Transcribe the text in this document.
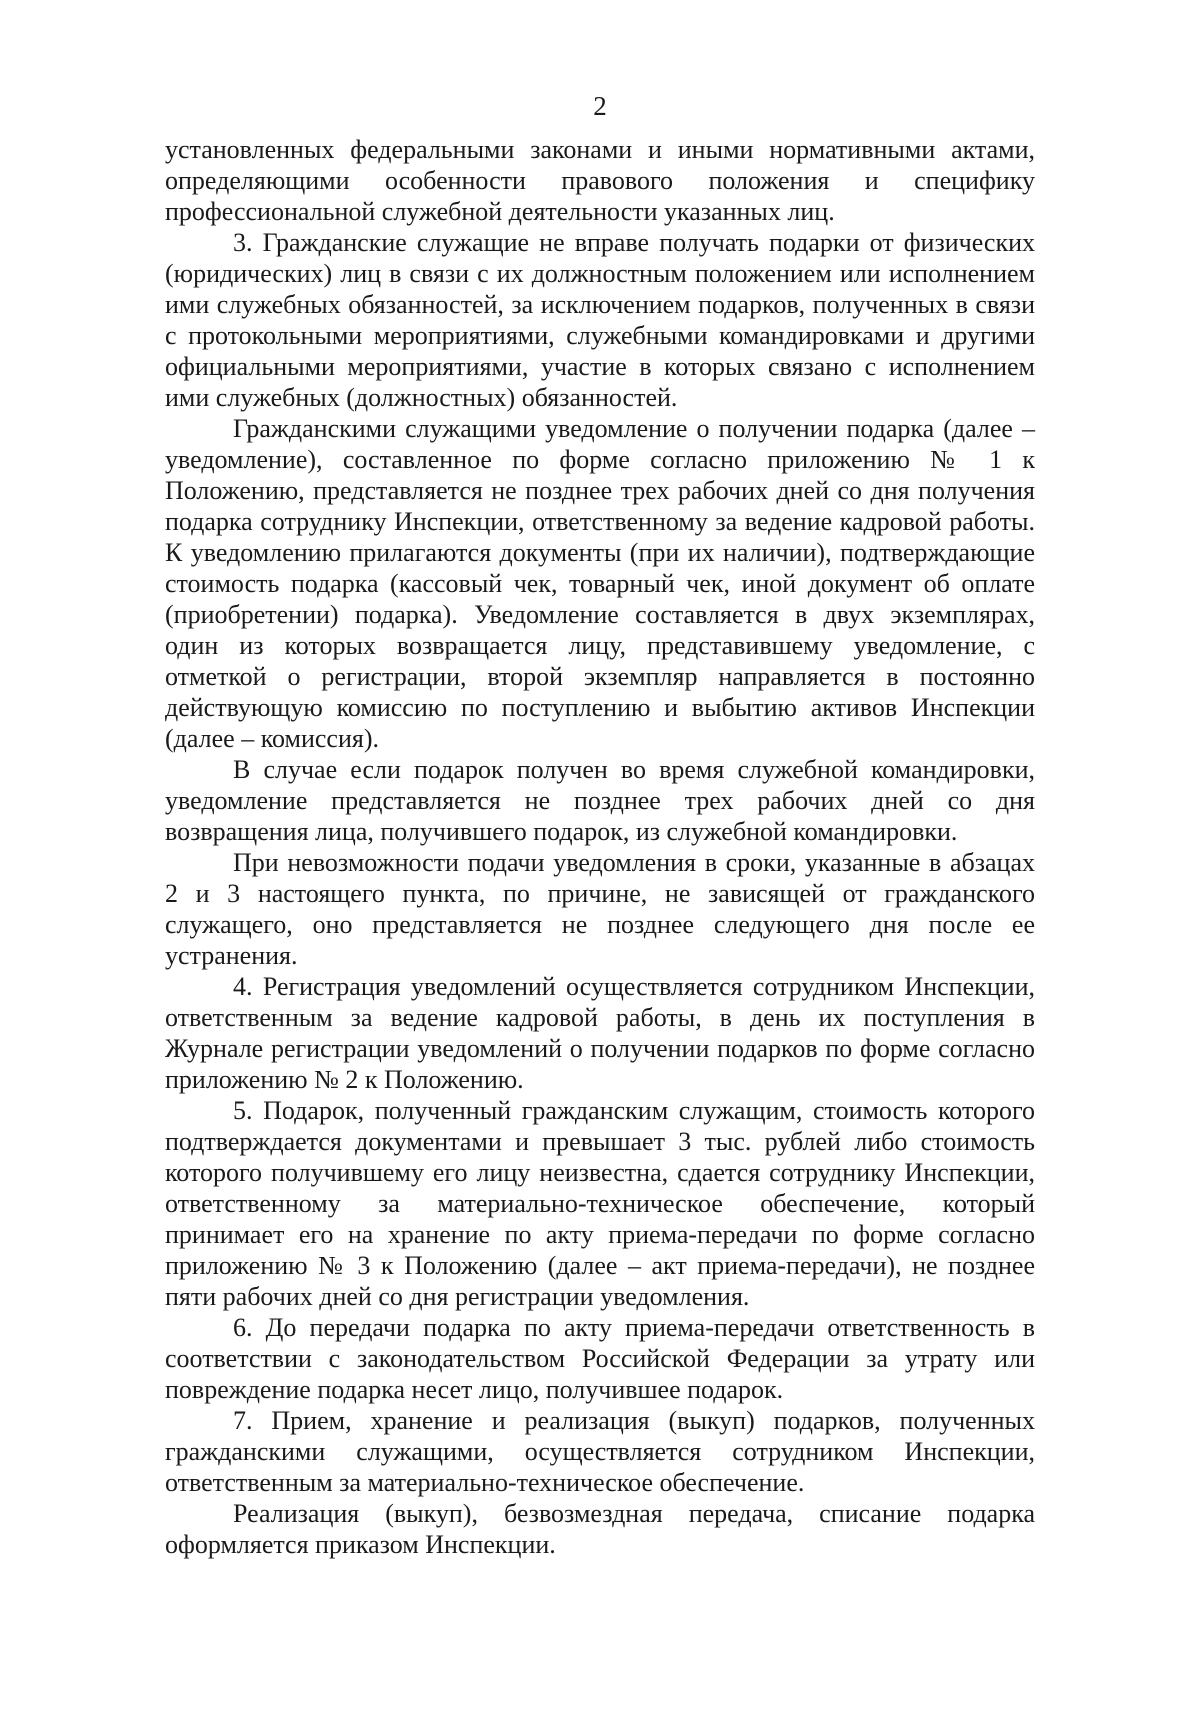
2

установленных федеральными законами и иными нормативными актами, определяющими особенности правового положения и специфику профессиональной служебной деятельности указанных лиц.

3. Гражданские служащие не вправе получать подарки от физических (юридических) лиц в связи с их должностным положением или исполнением ими служебных обязанностей, за исключением подарков, полученных в связи с протокольными мероприятиями, служебными командировками и другими официальными мероприятиями, участие в которых связано с исполнением ими служебных (должностных) обязанностей.

Гражданскими служащими уведомление о получении подарка (далее – уведомление), составленное по форме согласно приложению № 1 к Положению, представляется не позднее трех рабочих дней со дня получения подарка сотруднику Инспекции, ответственному за ведение кадровой работы. К уведомлению прилагаются документы (при их наличии), подтверждающие стоимость подарка (кассовый чек, товарный чек, иной документ об оплате (приобретении) подарка). Уведомление составляется в двух экземплярах, один из которых возвращается лицу, представившему уведомление, с отметкой о регистрации, второй экземпляр направляется в постоянно действующую комиссию по поступлению и выбытию активов Инспекции (далее – комиссия).

В случае если подарок получен во время служебной командировки, уведомление представляется не позднее трех рабочих дней со дня возвращения лица, получившего подарок, из служебной командировки.

При невозможности подачи уведомления в сроки, указанные в абзацах 2 и 3 настоящего пункта, по причине, не зависящей от гражданского служащего, оно представляется не позднее следующего дня после ее устранения.

4. Регистрация уведомлений осуществляется сотрудником Инспекции, ответственным за ведение кадровой работы, в день их поступления в Журнале регистрации уведомлений о получении подарков по форме согласно приложению № 2 к Положению.

5. Подарок, полученный гражданским служащим, стоимость которого подтверждается документами и превышает 3 тыс. рублей либо стоимость которого получившему его лицу неизвестна, сдается сотруднику Инспекции, ответственному за материально-техническое обеспечение, который принимает его на хранение по акту приема-передачи по форме согласно приложению № 3 к Положению (далее – акт приема-передачи), не позднее пяти рабочих дней со дня регистрации уведомления.

6. До передачи подарка по акту приема-передачи ответственность в соответствии с законодательством Российской Федерации за утрату или повреждение подарка несет лицо, получившее подарок.

7. Прием, хранение и реализация (выкуп) подарков, полученных гражданскими служащими, осуществляется сотрудником Инспекции, ответственным за материально-техническое обеспечение.

Реализация (выкуп), безвозмездная передача, списание подарка оформляется приказом Инспекции.
